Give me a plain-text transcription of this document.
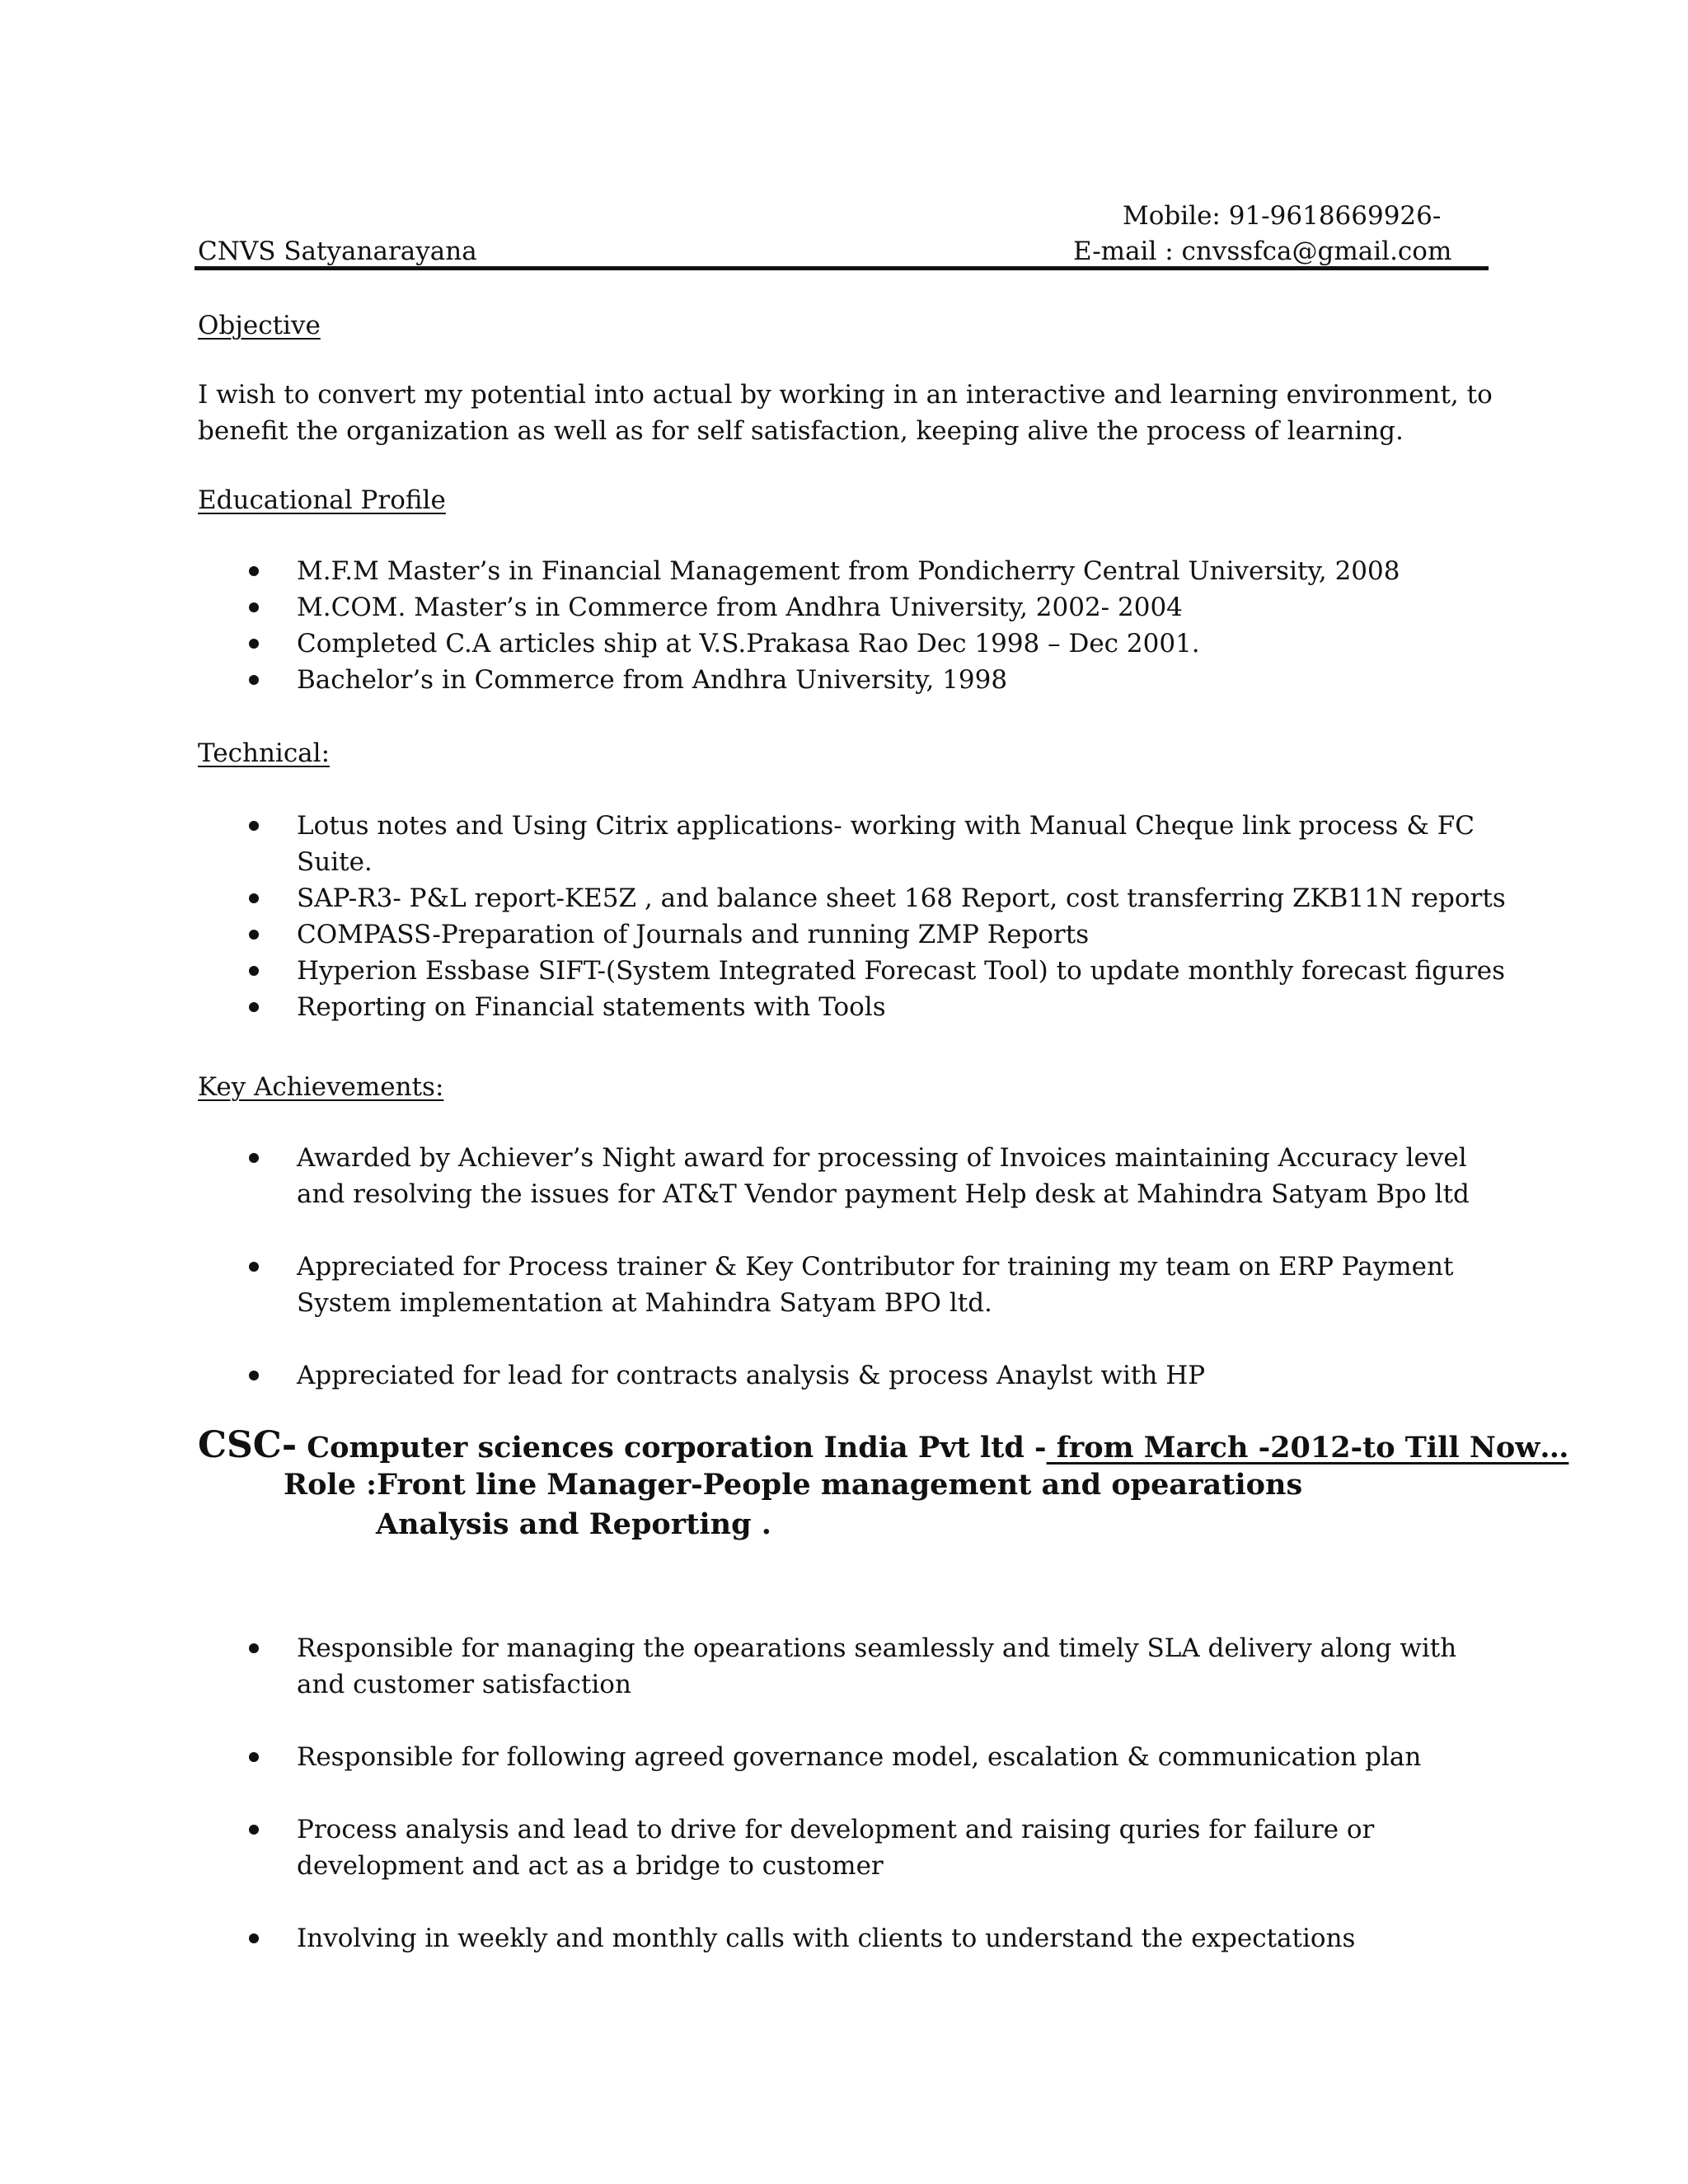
Mobile: 91-9618669926-
CNVS Satyanarayana	E-mail : cnvssfca@gmail.com
Objective
I wish to convert my potential into actual by working in an interactive and learning environment, to benefit the organization as well as for self satisfaction, keeping alive the process of learning.
Educational Profile
M.F.M Master’s in Financial Management from Pondicherry Central University, 2008
M.COM. Master’s in Commerce from Andhra University, 2002- 2004
Completed C.A articles ship at V.S.Prakasa Rao Dec 1998 – Dec 2001.
Bachelor’s in Commerce from Andhra University, 1998
Technical:
Lotus notes and Using Citrix applications- working with Manual Cheque link process & FC Suite.
SAP-R3- P&L report-KE5Z , and balance sheet 168 Report, cost transferring ZKB11N reports
COMPASS-Preparation of Journals and running ZMP Reports
Hyperion Essbase SIFT-(System Integrated Forecast Tool) to update monthly forecast figures
Reporting on Financial statements with Tools
Key Achievements:
Awarded by Achiever’s Night award for processing of Invoices maintaining Accuracy level and resolving the issues for AT&T Vendor payment Help desk at Mahindra Satyam Bpo ltd
Appreciated for Process trainer & Key Contributor for training my team on ERP Payment System implementation at Mahindra Satyam BPO ltd.
Appreciated for lead for contracts analysis & process Anaylst with HP
CSC- Computer sciences corporation India Pvt ltd - from March -2012-to Till Now…
Role :Front line Manager-People management and opearations
Analysis and Reporting .
Responsible for managing the opearations seamlessly and timely SLA delivery along with and customer satisfaction
Responsible for following agreed governance model, escalation & communication plan
Process analysis and lead to drive for development and raising quries for failure or development and act as a bridge to customer
Involving in weekly and monthly calls with clients to understand the expectations
